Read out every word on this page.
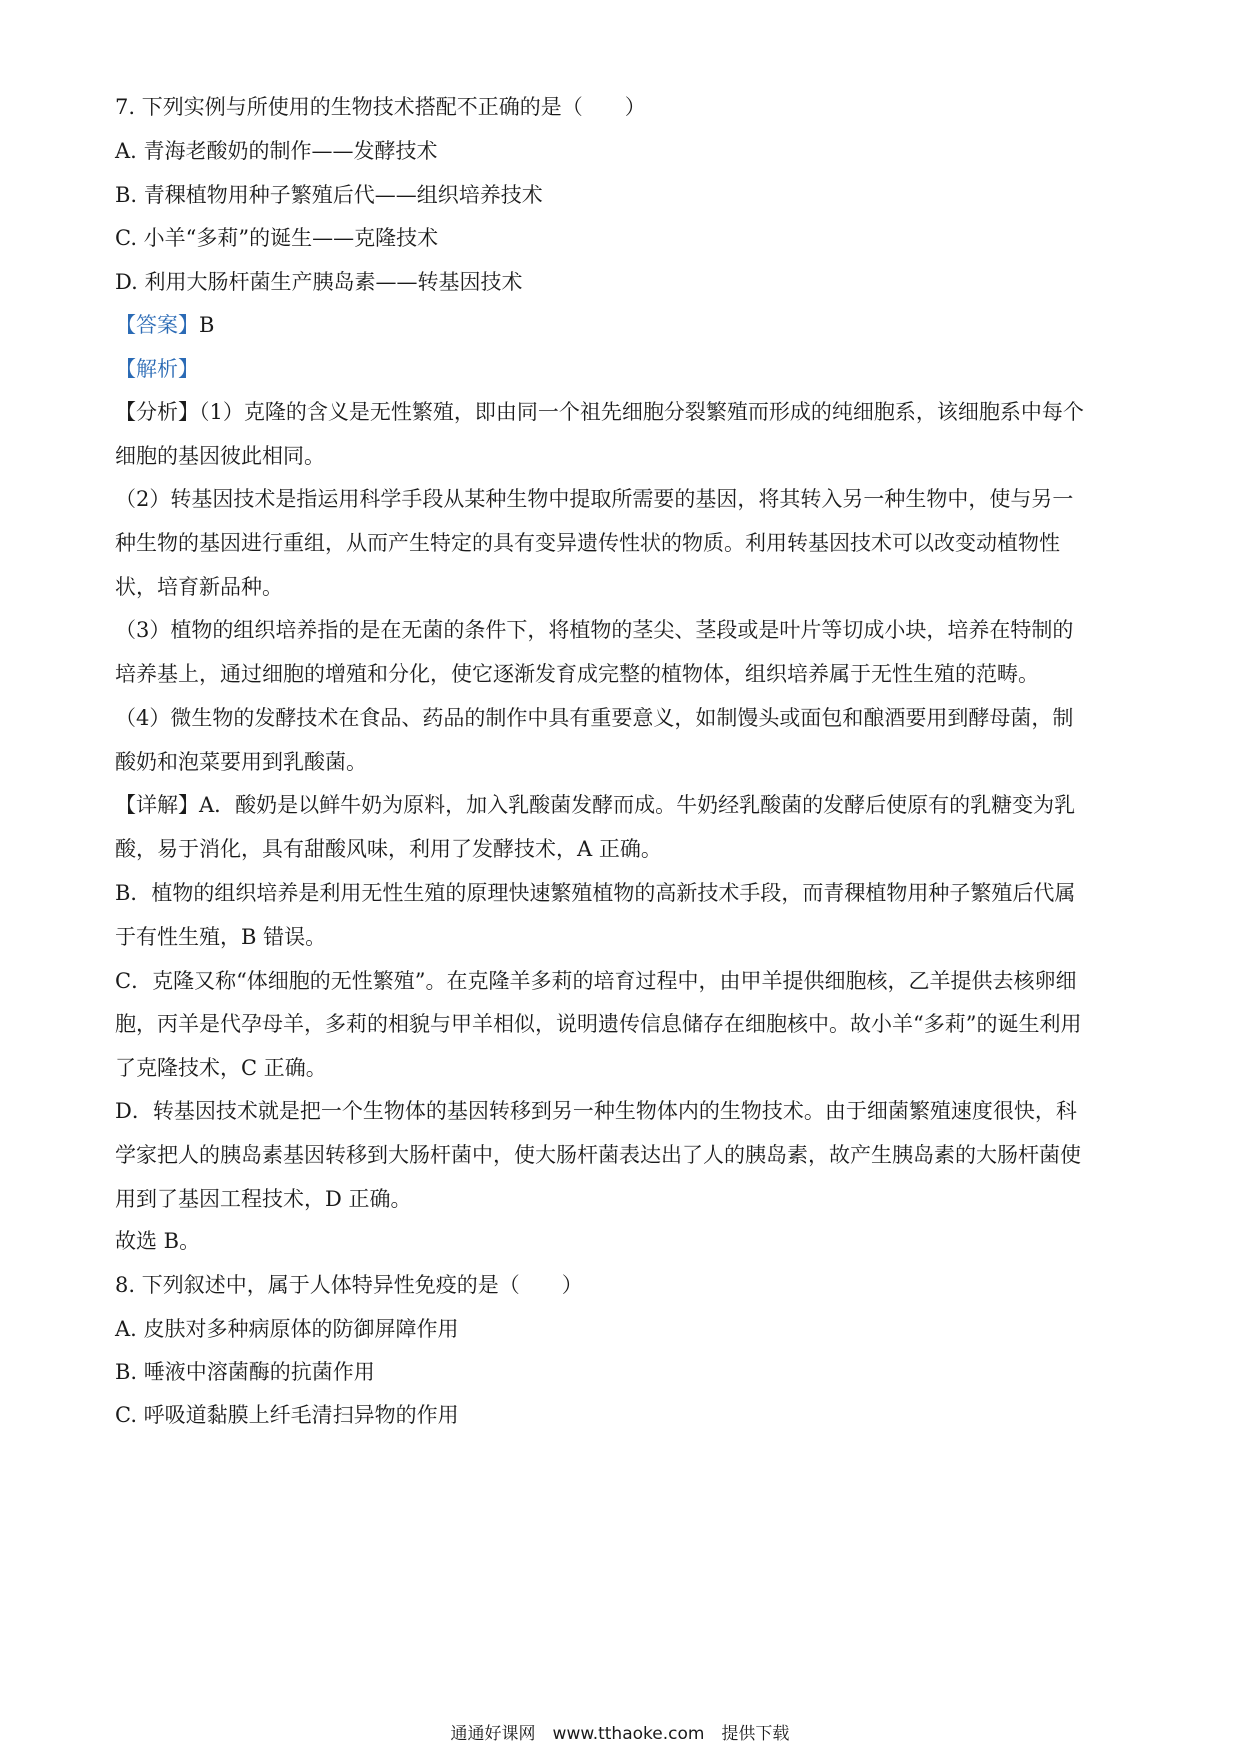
7. 下列实例与所使用的生物技术搭配不正确的是（　　）
A. 青海老酸奶的制作——发酵技术
B. 青稞植物用种子繁殖后代——组织培养技术
C. 小羊“多莉”的诞生——克隆技术
D. 利用大肠杆菌生产胰岛素——转基因技术
【答案】B
【解析】
【分析】（1）克隆的含义是无性繁殖，即由同一个祖先细胞分裂繁殖而形成的纯细胞系，该细胞系中每个
细胞的基因彼此相同。
（2）转基因技术是指运用科学手段从某种生物中提取所需要的基因，将其转入另一种生物中，使与另一
种生物的基因进行重组，从而产生特定的具有变异遗传性状的物质。利用转基因技术可以改变动植物性
状，培育新品种。
（3）植物的组织培养指的是在无菌的条件下，将植物的茎尖、茎段或是叶片等切成小块，培养在特制的
培养基上，通过细胞的增殖和分化，使它逐渐发育成完整的植物体，组织培养属于无性生殖的范畴。
（4）微生物的发酵技术在食品、药品的制作中具有重要意义，如制馒头或面包和酿酒要用到酵母菌，制
酸奶和泡菜要用到乳酸菌。
【详解】A．酸奶是以鲜牛奶为原料，加入乳酸菌发酵而成。牛奶经乳酸菌的发酵后使原有的乳糖变为乳
酸，易于消化，具有甜酸风味，利用了发酵技术，A 正确。
B．植物的组织培养是利用无性生殖的原理快速繁殖植物的高新技术手段，而青稞植物用种子繁殖后代属
于有性生殖，B 错误。
C．克隆又称“体细胞的无性繁殖”。在克隆羊多莉的培育过程中，由甲羊提供细胞核，乙羊提供去核卵细
胞，丙羊是代孕母羊，多莉的相貌与甲羊相似，说明遗传信息储存在细胞核中。故小羊“多莉”的诞生利用
了克隆技术，C 正确。
D．转基因技术就是把一个生物体的基因转移到另一种生物体内的生物技术。由于细菌繁殖速度很快，科
学家把人的胰岛素基因转移到大肠杆菌中，使大肠杆菌表达出了人的胰岛素，故产生胰岛素的大肠杆菌使
用到了基因工程技术，D 正确。
故选 B。
8. 下列叙述中，属于人体特异性免疫的是（　　）
A. 皮肤对多种病原体的防御屏障作用
B. 唾液中溶菌酶的抗菌作用
C. 呼吸道黏膜上纤毛清扫异物的作用
通通好课网　www.tthaoke.com　提供下载
